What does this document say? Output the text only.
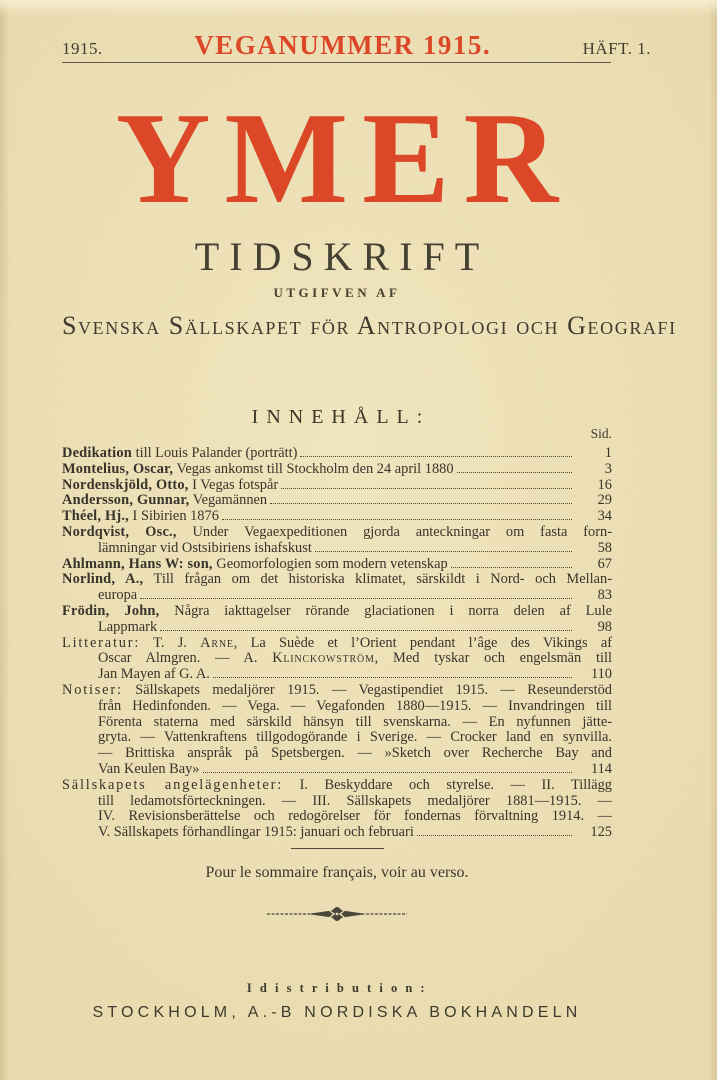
1915.	VEGANUMMER 1915.	HÄFT. 1.
YMER
TIDSKRIFT
UTGIFVEN AF
Svenska Sällskapet för Antropologi och Geografi
INNEHÅLL:
Sid.
Dedikation till Louis Palander (porträtt)	1
Montelius, Oscar, Vegas ankomst till Stockholm den 24 april 1880	3
Nordenskjöld, Otto, I Vegas fotspår	16
Andersson, Gunnar, Vegamännen	29
Théel, Hj., I Sibirien 1876	34
Nordqvist, Osc., Under Vegaexpeditionen gjorda anteckningar om fasta forn-
lämningar vid Ostsibiriens ishafskust	58
Ahlmann, Hans W: son, Geomorfologien som modern vetenskap	67
Norlind, A., Till frågan om det historiska klimatet, särskildt i Nord- och Mellan-
europa	83
Frödin, John, Några iakttagelser rörande glaciationen i norra delen af Lule
Lappmark	98
Litteratur: T. J. Arne, La Suède et l’Orient pendant l’âge des Vikings af
Oscar Almgren. — A. Klinckowström, Med tyskar och engelsmän till
Jan Mayen af G. A.	110
Notiser: Sällskapets medaljörer 1915. — Vegastipendiet 1915. — Reseunderstöd
från Hedinfonden. — Vega. — Vegafonden 1880—1915. — Invandringen till
Förenta staterna med särskild hänsyn till svenskarna. — En nyfunnen jätte-
gryta. — Vattenkraftens tillgodogörande i Sverige. — Crocker land en synvilla.
— Brittiska anspråk på Spetsbergen. — »Sketch over Recherche Bay and
Van Keulen Bay»	114
Sällskapets angelägenheter: I. Beskyddare och styrelse. — II. Tillägg
till ledamotsförteckningen. — III. Sällskapets medaljörer 1881—1915. —
IV. Revisionsberättelse och redogörelser för fondernas förvaltning 1914. —
V. Sällskapets förhandlingar 1915: januari och februari	125
Pour le sommaire français, voir au verso.
I d i s t r i b u t i o n :
STOCKHOLM, A.-B NORDISKA BOKHANDELN
